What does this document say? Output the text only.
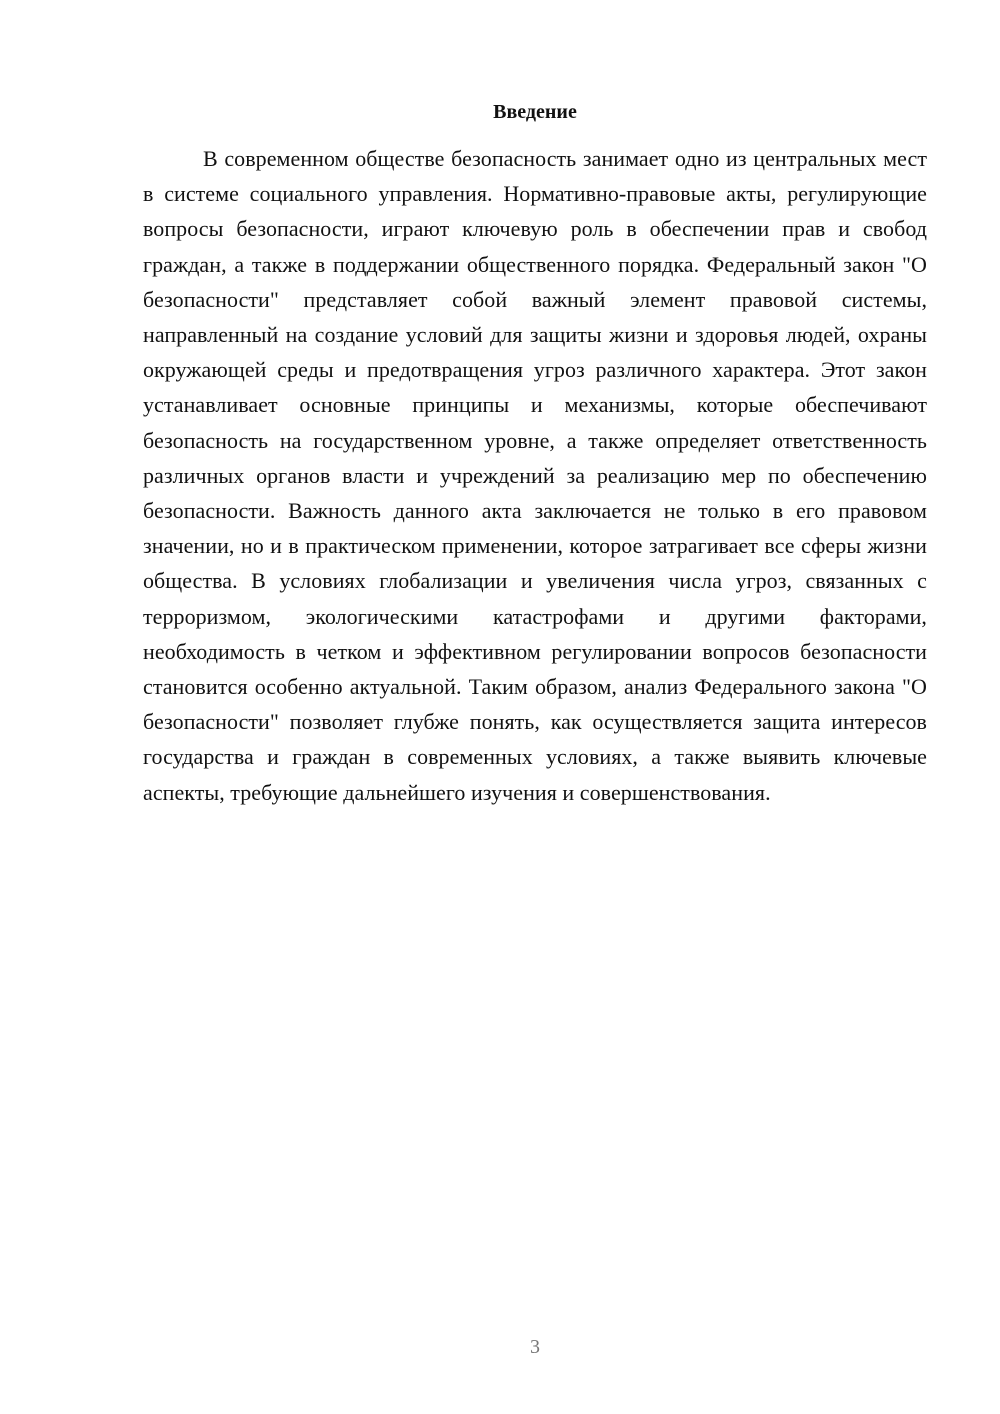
Введение

В современном обществе безопасность занимает одно из центральных мест в системе социального управления. Нормативно-правовые акты, регулирующие вопросы безопасности, играют ключевую роль в обеспечении прав и свобод граждан, а также в поддержании общественного порядка. Федеральный закон "О безопасности" представляет собой важный элемент правовой системы, направленный на создание условий для защиты жизни и здоровья людей, охраны окружающей среды и предотвращения угроз различного характера. Этот закон устанавливает основные принципы и механизмы, которые обеспечивают безопасность на государственном уровне, а также определяет ответственность различных органов власти и учреждений за реализацию мер по обеспечению безопасности. Важность данного акта заключается не только в его правовом значении, но и в практическом применении, которое затрагивает все сферы жизни общества. В условиях глобализации и увеличения числа угроз, связанных с терроризмом, экологическими катастрофами и другими факторами, необходимость в четком и эффективном регулировании вопросов безопасности становится особенно актуальной. Таким образом, анализ Федерального закона "О безопасности" позволяет глубже понять, как осуществляется защита интересов государства и граждан в современных условиях, а также выявить ключевые аспекты, требующие дальнейшего изучения и совершенствования.

3
